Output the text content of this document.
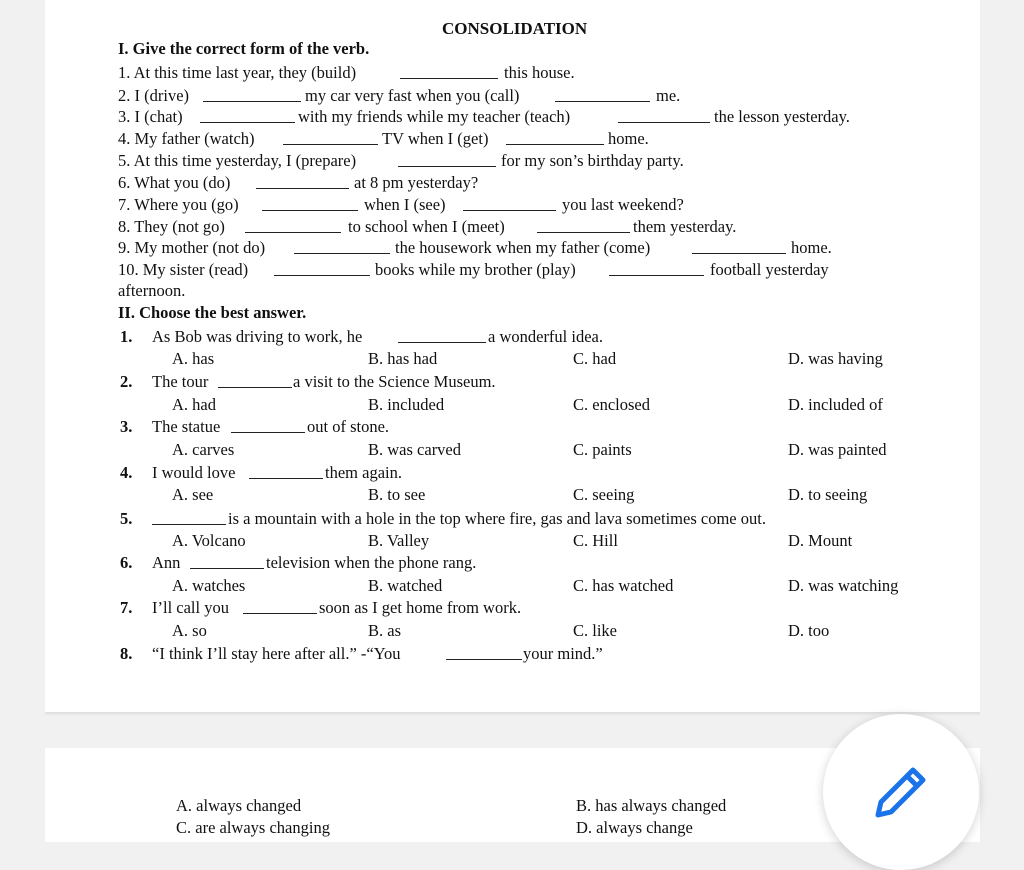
CONSOLIDATION
I. Give the correct form of the verb.
1. At this time last year, they (build)	this house.
2. I (drive)	my car very fast when you (call)	me.
3. I (chat)	with my friends while my teacher (teach)	the lesson yesterday.
4. My father (watch)	TV when I (get)	home.
5. At this time yesterday, I (prepare)	for my son’s birthday party.
6. What you (do)	at 8 pm yesterday?
7. Where you (go)	when I (see)	you last weekend?
8. They (not go)	to school when I (meet)	them yesterday.
9. My mother (not do)	the housework when my father (come)	home.
10. My sister (read)	books while my brother (play)	football yesterday
afternoon.
II. Choose the best answer.
1. As Bob was driving to work, he	a wonderful idea.
A. has	B. has had	C. had	D. was having
2. The tour	a visit to the Science Museum.
A. had	B. included	C. enclosed	D. included of
3. The statue	out of stone.
A. carves	B. was carved	C. paints	D. was painted
4. I would love	them again.
A. see	B. to see	C. seeing	D. to seeing
5.	is a mountain with a hole in the top where fire, gas and lava sometimes come out.
A. Volcano	B. Valley	C. Hill	D. Mount
6. Ann	television when the phone rang.
A. watches	B. watched	C. has watched	D. was watching
7. I’ll call you	soon as I get home from work.
A. so	B. as	C. like	D. too
8. “I think I’ll stay here after all.” -“You	your mind.”
A. always changed	B. has always changed
C. are always changing	D. always change
